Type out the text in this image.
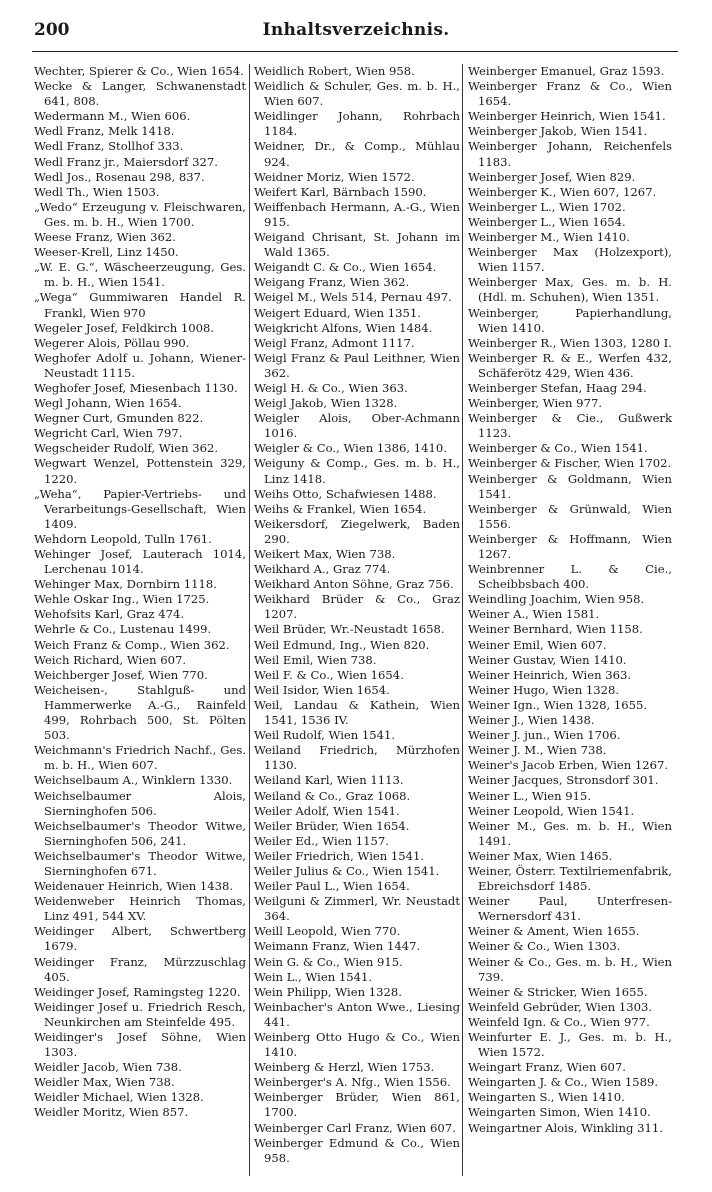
200	Inhaltsverzeichnis.
Wechter, Spierer & Co., Wien 1654.
Wecke & Langer, Schwanenstadt 641, 808.
Wedermann M., Wien 606.
Wedl Franz, Melk 1418.
Wedl Franz, Stollhof 333.
Wedl Franz jr., Maiersdorf 327.
Wedl Jos., Rosenau 298, 837.
Wedl Th., Wien 1503.
„Wedo“ Erzeugung v. Fleischwaren, Ges. m. b. H., Wien 1700.
Weese Franz, Wien 362.
Weeser-Krell, Linz 1450.
„W. E. G.“, Wäscheerzeugung, Ges. m. b. H., Wien 1541.
„Wega“ Gummiwaren Handel R. Frankl, Wien 970
Wegeler Josef, Feldkirch 1008.
Wegerer Alois, Pöllau 990.
Weghofer Adolf u. Johann, Wiener-Neustadt 1115.
Weghofer Josef, Miesenbach 1130.
Wegl Johann, Wien 1654.
Wegner Curt, Gmunden 822.
Wegricht Carl, Wien 797.
Wegscheider Rudolf, Wien 362.
Wegwart Wenzel, Pottenstein 329, 1220.
„Weha“, Papier-Vertriebs- und Verarbeitungs-Gesellschaft, Wien 1409.
Wehdorn Leopold, Tulln 1761.
Wehinger Josef, Lauterach 1014, Lerchenau 1014.
Wehinger Max, Dornbirn 1118.
Wehle Oskar Ing., Wien 1725.
Wehofsits Karl, Graz 474.
Wehrle & Co., Lustenau 1499.
Weich Franz & Comp., Wien 362.
Weich Richard, Wien 607.
Weichberger Josef, Wien 770.
Weicheisen-, Stahlguß- und Hammerwerke A.-G., Rainfeld 499, Rohrbach 500, St. Pölten 503.
Weichmann's Friedrich Nachf., Ges. m. b. H., Wien 607.
Weichselbaum A., Winklern 1330.
Weichselbaumer Alois, Sierninghofen 506.
Weichselbaumer's Theodor Witwe, Sierninghofen 506, 241.
Weichselbaumer's Theodor Witwe, Sierninghofen 671.
Weidenauer Heinrich, Wien 1438.
Weidenweber Heinrich Thomas, Linz 491, 544 XV.
Weidinger Albert, Schwertberg 1679.
Weidinger Franz, Mürzzuschlag 405.
Weidinger Josef, Ramingsteg 1220.
Weidinger Josef u. Friedrich Resch, Neunkirchen am Steinfelde 495.
Weidinger's Josef Söhne, Wien 1303.
Weidler Jacob, Wien 738.
Weidler Max, Wien 738.
Weidler Michael, Wien 1328.
Weidler Moritz, Wien 857.
Weidlich Robert, Wien 958.
Weidlich & Schuler, Ges. m. b. H., Wien 607.
Weidlinger Johann, Rohrbach 1184.
Weidner, Dr., & Comp., Mühlau 924.
Weidner Moriz, Wien 1572.
Weifert Karl, Bärnbach 1590.
Weiffenbach Hermann, A.-G., Wien 915.
Weigand Chrisant, St. Johann im Wald 1365.
Weigandt C. & Co., Wien 1654.
Weigang Franz, Wien 362.
Weigel M., Wels 514, Pernau 497.
Weigert Eduard, Wien 1351.
Weigkricht Alfons, Wien 1484.
Weigl Franz, Admont 1117.
Weigl Franz & Paul Leithner, Wien 362.
Weigl H. & Co., Wien 363.
Weigl Jakob, Wien 1328.
Weigler Alois, Ober-Achmann 1016.
Weigler & Co., Wien 1386, 1410.
Weiguny & Comp., Ges. m. b. H., Linz 1418.
Weihs Otto, Schafwiesen 1488.
Weihs & Frankel, Wien 1654.
Weikersdorf, Ziegelwerk, Baden 290.
Weikert Max, Wien 738.
Weikhard A., Graz 774.
Weikhard Anton Söhne, Graz 756.
Weikhard Brüder & Co., Graz 1207.
Weil Brüder, Wr.-Neustadt 1658.
Weil Edmund, Ing., Wien 820.
Weil Emil, Wien 738.
Weil F. & Co., Wien 1654.
Weil Isidor, Wien 1654.
Weil, Landau & Kathein, Wien 1541, 1536 IV.
Weil Rudolf, Wien 1541.
Weiland Friedrich, Mürzhofen 1130.
Weiland Karl, Wien 1113.
Weiland & Co., Graz 1068.
Weiler Adolf, Wien 1541.
Weiler Brüder, Wien 1654.
Weiler Ed., Wien 1157.
Weiler Friedrich, Wien 1541.
Weiler Julius & Co., Wien 1541.
Weiler Paul L., Wien 1654.
Weilguni & Zimmerl, Wr. Neustadt 364.
Weill Leopold, Wien 770.
Weimann Franz, Wien 1447.
Wein G. & Co., Wien 915.
Wein L., Wien 1541.
Wein Philipp, Wien 1328.
Weinbacher's Anton Wwe., Liesing 441.
Weinberg Otto Hugo & Co., Wien 1410.
Weinberg & Herzl, Wien 1753.
Weinberger's A. Nfg., Wien 1556.
Weinberger Brüder, Wien 861, 1700.
Weinberger Carl Franz, Wien 607.
Weinberger Edmund & Co., Wien 958.
Weinberger Emanuel, Graz 1593.
Weinberger Franz & Co., Wien 1654.
Weinberger Heinrich, Wien 1541.
Weinberger Jakob, Wien 1541.
Weinberger Johann, Reichenfels 1183.
Weinberger Josef, Wien 829.
Weinberger K., Wien 607, 1267.
Weinberger L., Wien 1702.
Weinberger L., Wien 1654.
Weinberger M., Wien 1410.
Weinberger Max (Holzexport), Wien 1157.
Weinberger Max, Ges. m. b. H. (Hdl. m. Schuhen), Wien 1351.
Weinberger, Papierhandlung, Wien 1410.
Weinberger R., Wien 1303, 1280 I.
Weinberger R. & E., Werfen 432, Schäferötz 429, Wien 436.
Weinberger Stefan, Haag 294.
Weinberger, Wien 977.
Weinberger & Cie., Gußwerk 1123.
Weinberger & Co., Wien 1541.
Weinberger & Fischer, Wien 1702.
Weinberger & Goldmann, Wien 1541.
Weinberger & Grünwald, Wien 1556.
Weinberger & Hoffmann, Wien 1267.
Weinbrenner L. & Cie., Scheibbsbach 400.
Weindling Joachim, Wien 958.
Weiner A., Wien 1581.
Weiner Bernhard, Wien 1158.
Weiner Emil, Wien 607.
Weiner Gustav, Wien 1410.
Weiner Heinrich, Wien 363.
Weiner Hugo, Wien 1328.
Weiner Ign., Wien 1328, 1655.
Weiner J., Wien 1438.
Weiner J. jun., Wien 1706.
Weiner J. M., Wien 738.
Weiner's Jacob Erben, Wien 1267.
Weiner Jacques, Stronsdorf 301.
Weiner L., Wien 915.
Weiner Leopold, Wien 1541.
Weiner M., Ges. m. b. H., Wien 1491.
Weiner Max, Wien 1465.
Weiner, Österr. Textilriemenfabrik, Ebreichsdorf 1485.
Weiner Paul, Unterfresen-Wernersdorf 431.
Weiner & Ament, Wien 1655.
Weiner & Co., Wien 1303.
Weiner & Co., Ges. m. b. H., Wien 739.
Weiner & Stricker, Wien 1655.
Weinfeld Gebrüder, Wien 1303.
Weinfeld Ign. & Co., Wien 977.
Weinfurter E. J., Ges. m. b. H., Wien 1572.
Weingart Franz, Wien 607.
Weingarten J. & Co., Wien 1589.
Weingarten S., Wien 1410.
Weingarten Simon, Wien 1410.
Weingartner Alois, Winkling 311.
